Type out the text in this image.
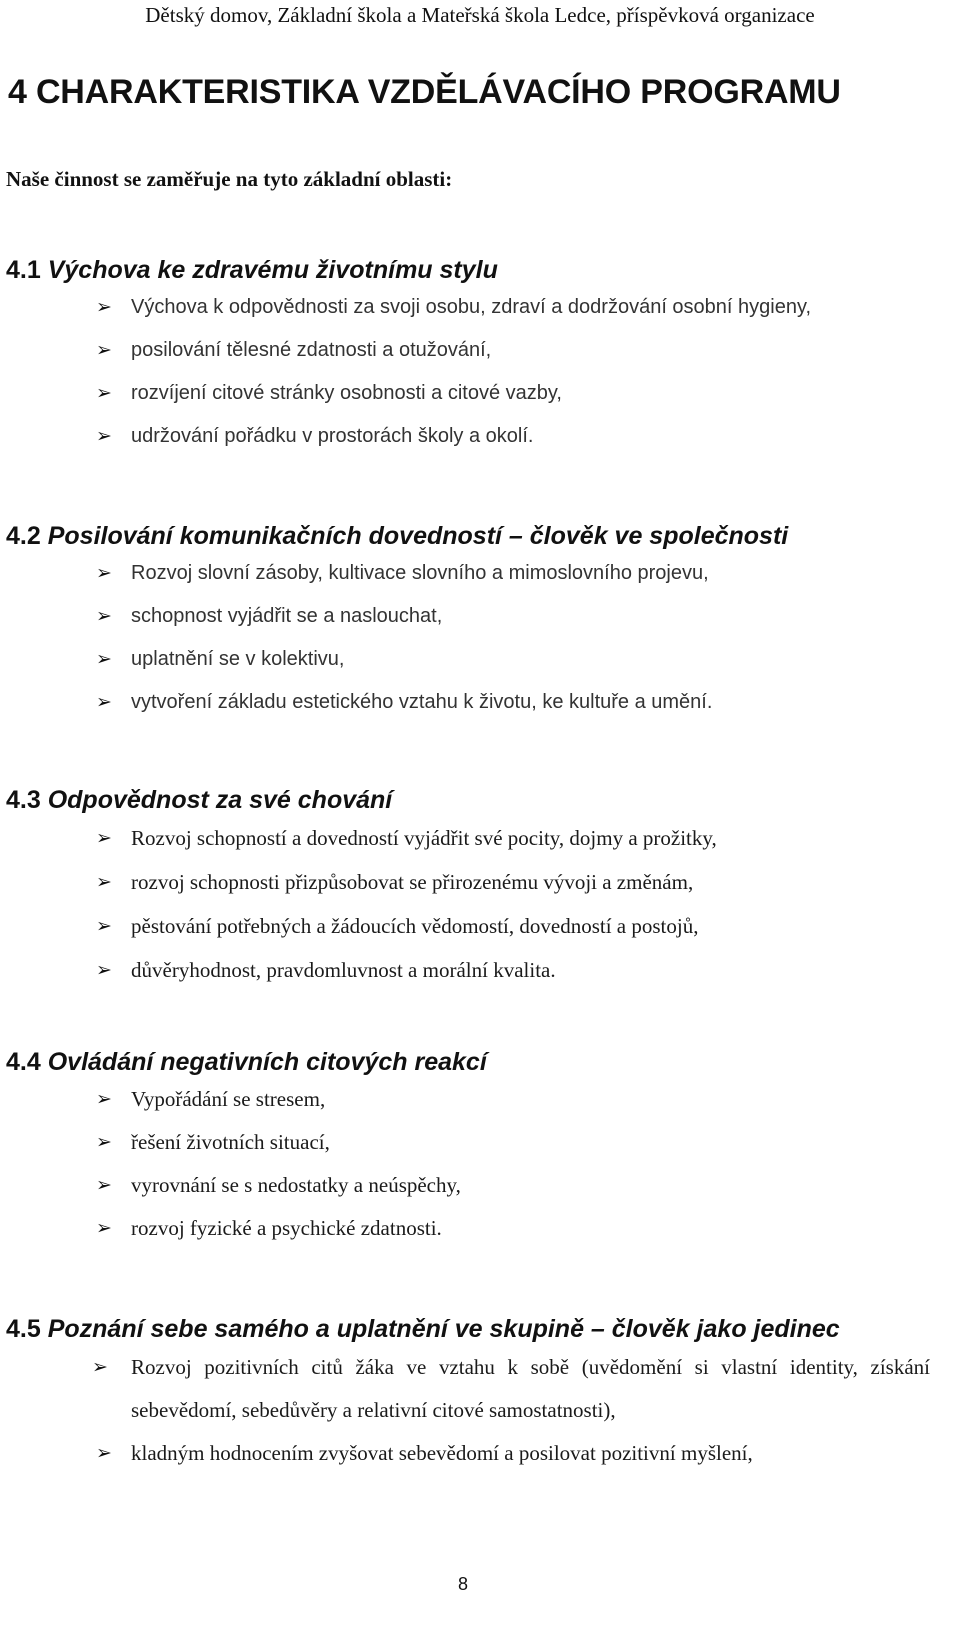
Dětský domov, Základní škola a Mateřská škola Ledce, příspěvková organizace
4 CHARAKTERISTIKA VZDĚLÁVACÍHO PROGRAMU

Naše činnost se zaměřuje na tyto základní oblasti:

4.1 Výchova ke zdravému životnímu stylu
➢ Výchova k odpovědnosti za svoji osobu, zdraví a dodržování osobní hygieny,
➢ posilování tělesné zdatnosti a otužování,
➢ rozvíjení citové stránky osobnosti a citové vazby,
➢ udržování pořádku v prostorách školy a okolí.
4.2 Posilování komunikačních dovedností – člověk ve společnosti
➢ Rozvoj slovní zásoby, kultivace slovního a mimoslovního projevu,
➢ schopnost vyjádřit se a naslouchat,
➢ uplatnění se v kolektivu,
➢ vytvoření základu estetického vztahu k životu, ke kultuře a umění.
4.3 Odpovědnost za své chování
➢ Rozvoj schopností a dovedností vyjádřit své pocity, dojmy a prožitky,
➢ rozvoj schopnosti přizpůsobovat se přirozenému vývoji a změnám,
➢ pěstování potřebných a žádoucích vědomostí, dovedností a postojů,
➢ důvěryhodnost, pravdomluvnost a morální kvalita.
4.4 Ovládání negativních citových reakcí
➢ Vypořádání se stresem,
➢ řešení životních situací,
➢ vyrovnání se s nedostatky a neúspěchy,
➢ rozvoj fyzické a psychické zdatnosti.
4.5 Poznání sebe samého a uplatnění ve skupině – člověk jako jedinec
➢	Rozvoj pozitivních citů žáka ve vztahu k sobě (uvědomění si vlastní identity, získání sebevědomí, sebedůvěry a relativní citové samostatnosti),
➢ kladným hodnocením zvyšovat sebevědomí a posilovat pozitivní myšlení,
8
